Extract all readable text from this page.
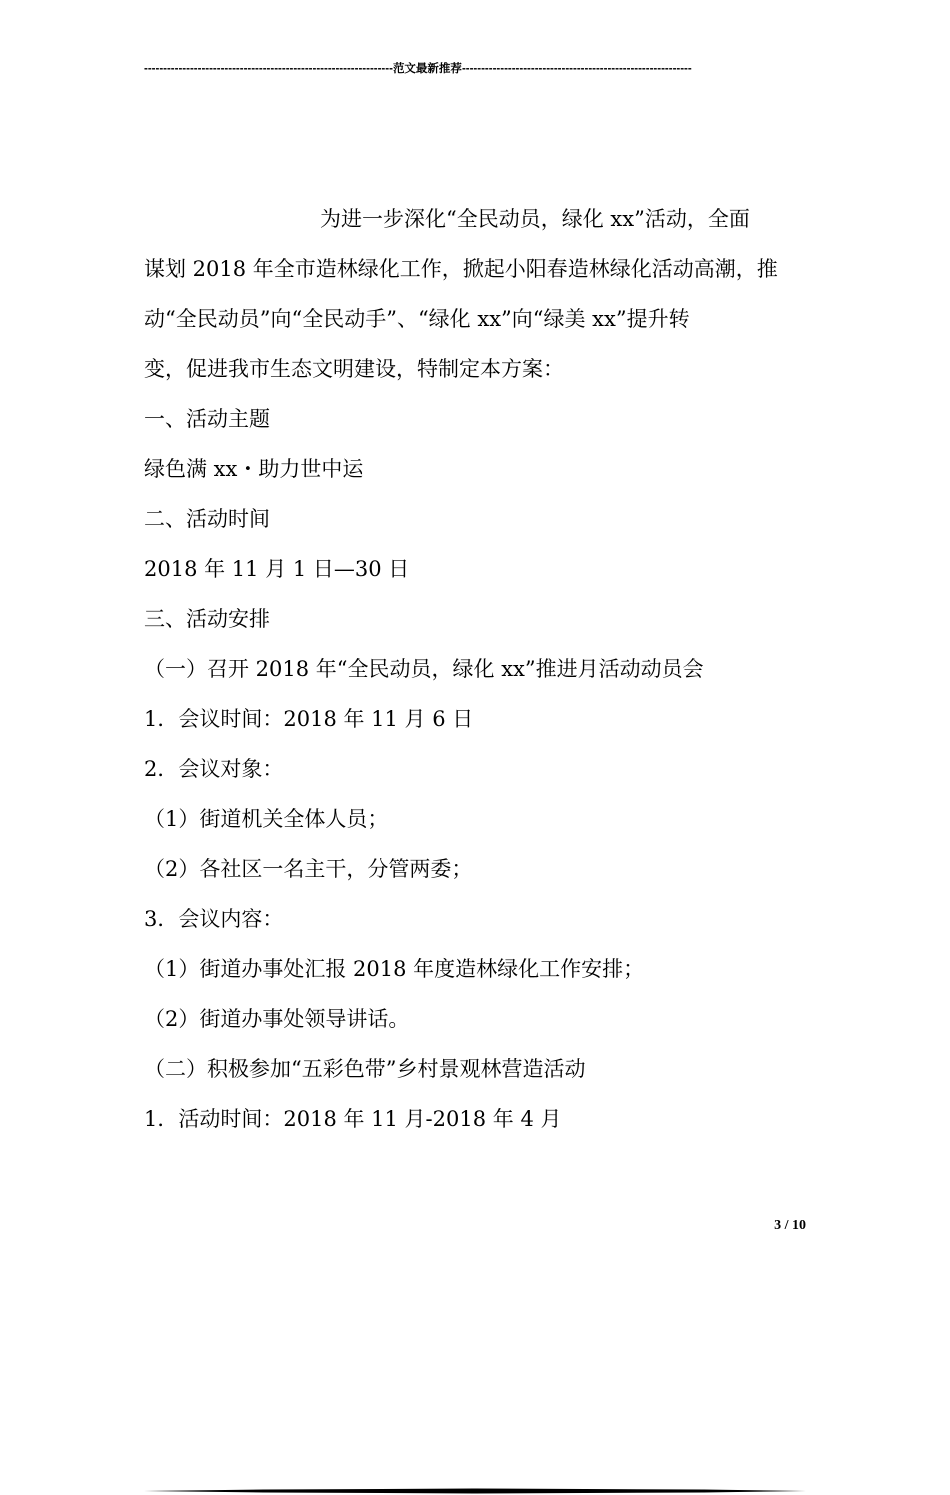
-----------------------------------------------------------------范文最新推荐------------------------------------------------------------
为进一步深化“全民动员，绿化 xx”活动，全面
谋划 2018 年全市造林绿化工作，掀起小阳春造林绿化活动高潮，推
动“全民动员”向“全民动手”、“绿化 xx”向“绿美 xx”提升转
变，促进我市生态文明建设，特制定本方案：
一、活动主题
绿色满 xx・助力世中运
二、活动时间
2018 年 11 月 1 日—30 日
三、活动安排
（一）召开 2018 年“全民动员，绿化 xx”推进月活动动员会
1．会议时间：2018 年 11 月 6 日
2．会议对象：
（1）街道机关全体人员；
（2）各社区一名主干，分管两委；
3．会议内容：
（1）街道办事处汇报 2018 年度造林绿化工作安排；
（2）街道办事处领导讲话。
（二）积极参加“五彩色带”乡村景观林营造活动
1．活动时间：2018 年 11 月-2018 年 4 月
3 / 10
